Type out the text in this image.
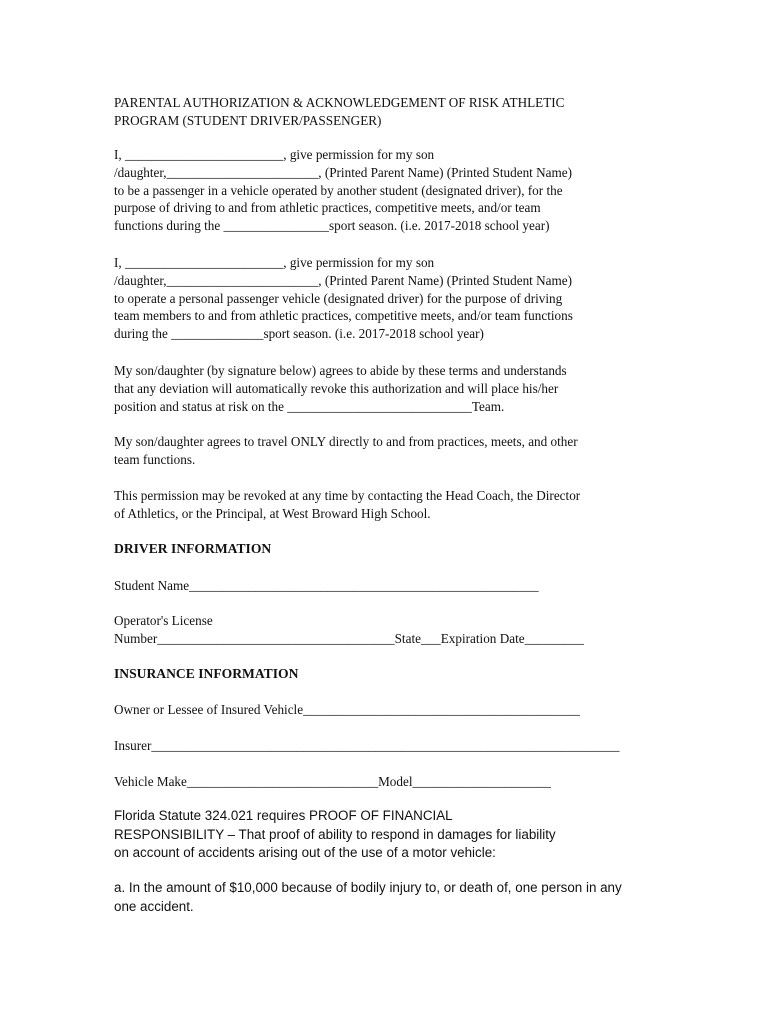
PARENTAL AUTHORIZATION & ACKNOWLEDGEMENT OF RISK ATHLETIC
PROGRAM (STUDENT DRIVER/PASSENGER)
I, ________________________, give permission for my son
/daughter,_______________________, (Printed Parent Name) (Printed Student Name)
to be a passenger in a vehicle operated by another student (designated driver), for the
purpose of driving to and from athletic practices, competitive meets, and/or team
functions during the ________________sport season. (i.e. 2017-2018 school year)
I, ________________________, give permission for my son
/daughter,_______________________, (Printed Parent Name) (Printed Student Name)
to operate a personal passenger vehicle (designated driver) for the purpose of driving
team members to and from athletic practices, competitive meets, and/or team functions
during the ______________sport season. (i.e. 2017-2018 school year)
My son/daughter (by signature below) agrees to abide by these terms and understands
that any deviation will automatically revoke this authorization and will place his/her
position and status at risk on the ____________________________Team.
My son/daughter agrees to travel ONLY directly to and from practices, meets, and other
team functions.
This permission may be revoked at any time by contacting the Head Coach, the Director
of Athletics, or the Principal, at West Broward High School.
DRIVER INFORMATION
Student Name_____________________________________________________
Operator's License
Number____________________________________State___Expiration Date_________
INSURANCE INFORMATION
Owner or Lessee of Insured Vehicle__________________________________________
Insurer_______________________________________________________________________
Vehicle Make_____________________________Model_____________________
Florida Statute 324.021 requires PROOF OF FINANCIAL
RESPONSIBILITY – That proof of ability to respond in damages for liability
on account of accidents arising out of the use of a motor vehicle:
a. In the amount of $10,000 because of bodily injury to, or death of, one person in any
one accident.
